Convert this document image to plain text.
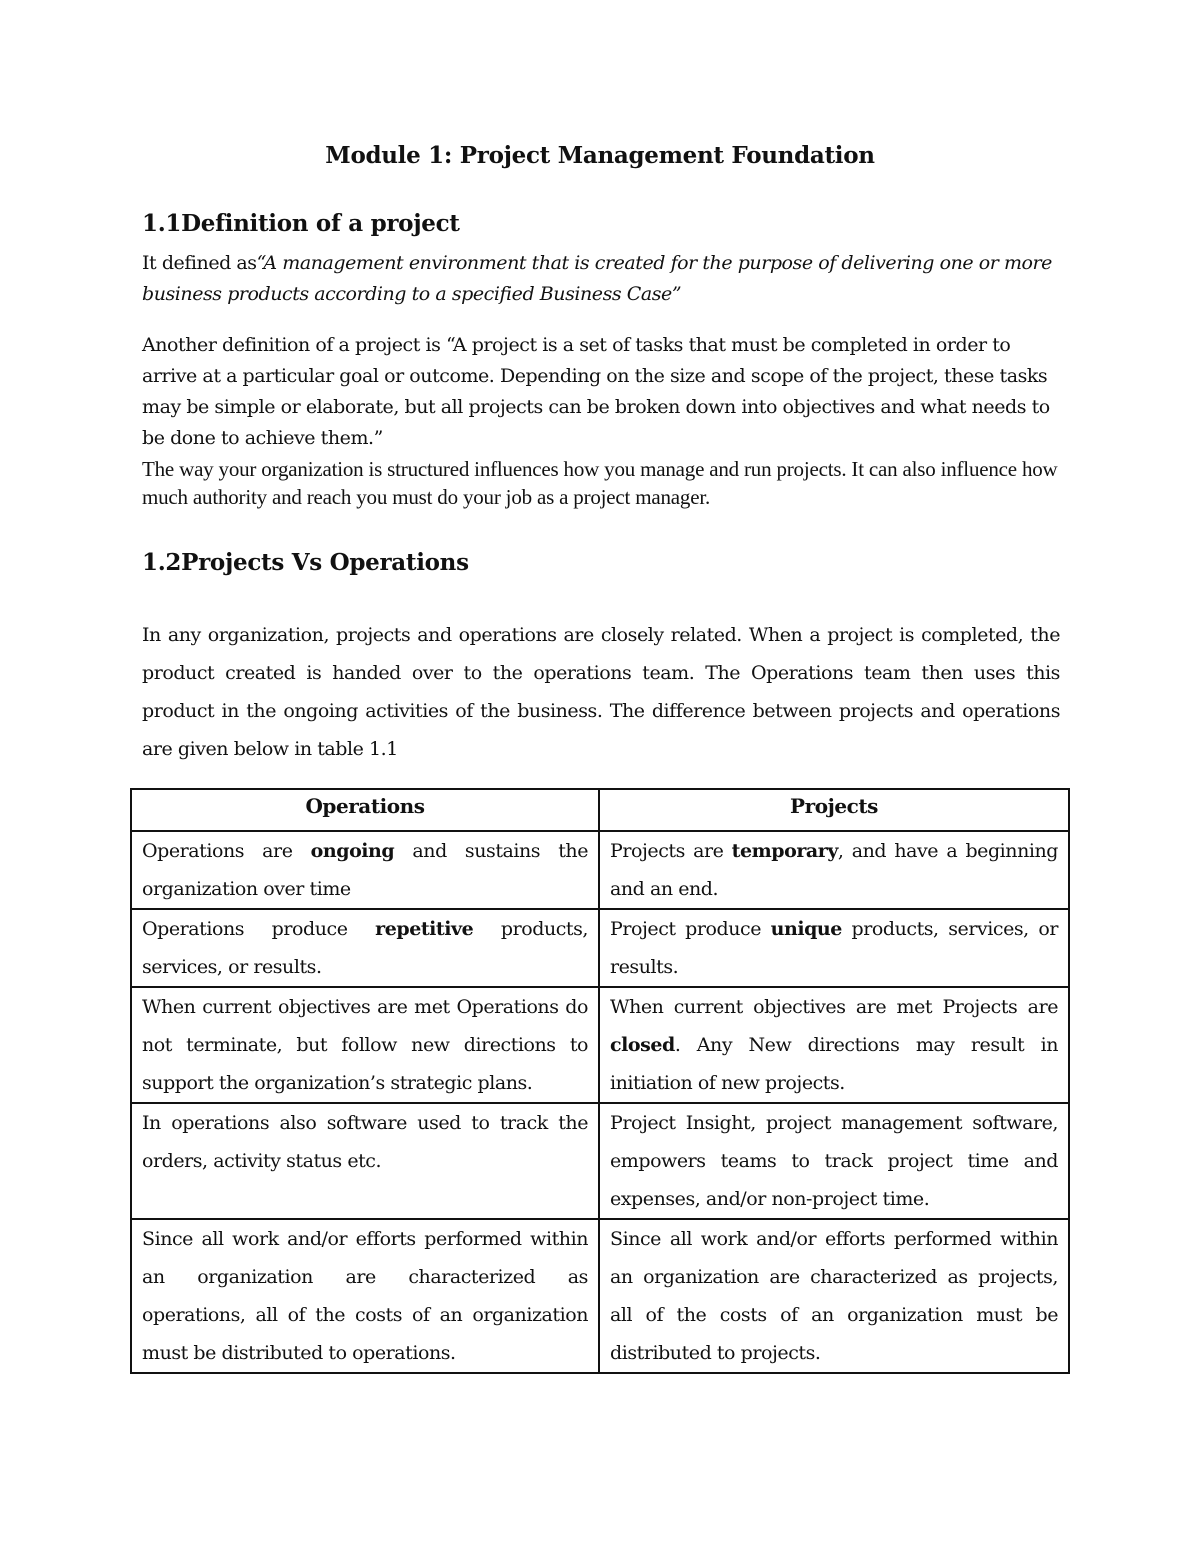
Module 1: Project Management Foundation
1.1Definition of a project

It defined as“A management environment that is created for the purpose of delivering one or more business products according to a specified Business Case”

Another definition of a project is “A project is a set of tasks that must be completed in order to arrive at a particular goal or outcome. Depending on the size and scope of the project, these tasks may be simple or elaborate, but all projects can be broken down into objectives and what needs to be done to achieve them.”

The way your organization is structured influences how you manage and run projects. It can also influence how much authority and reach you must do your job as a project manager.

1.2Projects Vs Operations

In any organization, projects and operations are closely related. When a project is completed, the product created is handed over to the operations team. The Operations team then uses this product in the ongoing activities of the business. The difference between projects and operations are given below in table 1.1

Operations	Projects
Operations are ongoing and sustains the organization over time	Projects are temporary, and have a beginning and an end.
Operations produce repetitive products, services, or results.	Project produce unique products, services, or results.
When current objectives are met Operations do not terminate, but follow new directions to support the organization’s strategic plans.	When current objectives are met Projects are closed. Any New directions may result in initiation of new projects.
In operations also software used to track the orders, activity status etc.	Project Insight, project management software, empowers teams to track project time and expenses, and/or non-project time.
Since all work and/or efforts performed within an organization are characterized as operations, all of the costs of an organization must be distributed to operations.	Since all work and/or efforts performed within an organization are characterized as projects, all of the costs of an organization must be distributed to projects.
